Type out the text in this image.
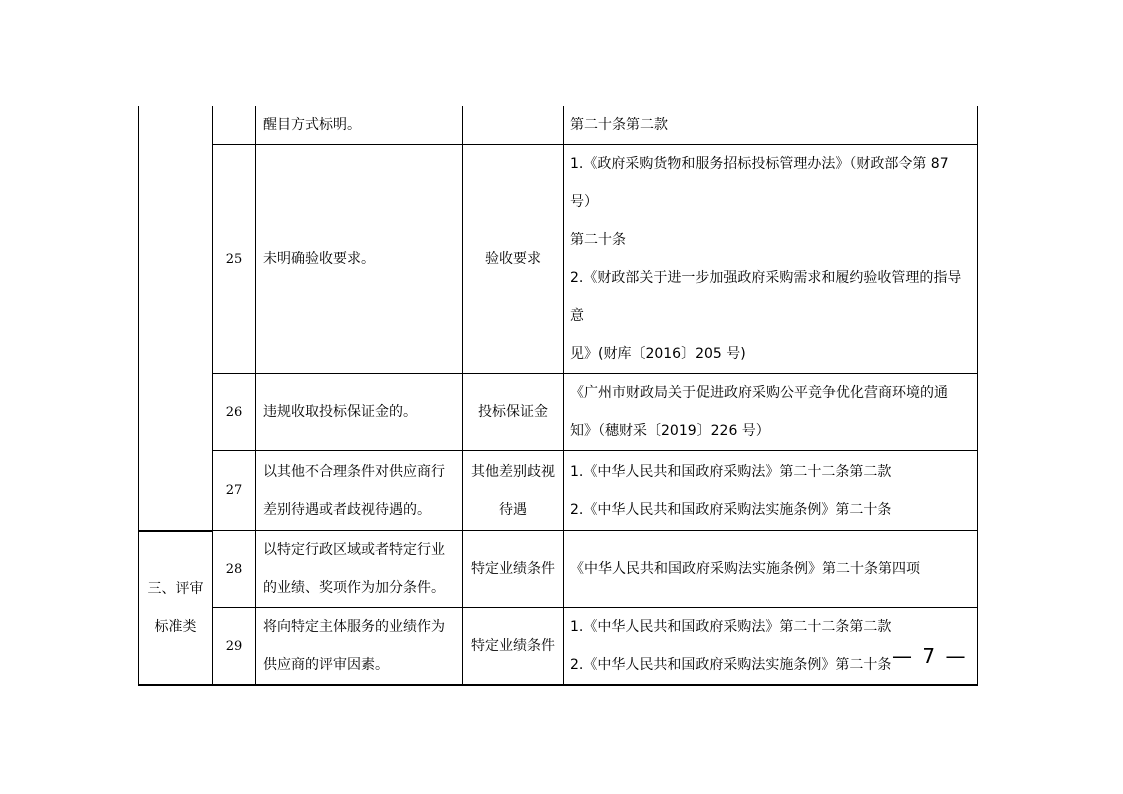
		醒目方式标明。		第二十条第二款

	25	未明确验收要求。	验收要求	1.《政府采购货物和服务招标投标管理办法》（财政部令第 87 号）
第二十条
2.《财政部关于进一步加强政府采购需求和履约验收管理的指导意
见》(财库〔2016〕205 号)

	26	违规收取投标保证金的。	投标保证金	《广州市财政局关于促进政府采购公平竞争优化营商环境的通
知》（穗财采〔2019〕226 号）

	27	以其他不合理条件对供应商行
差别待遇或者歧视待遇的。	其他差别歧视
待遇	1.《中华人民共和国政府采购法》第二十二条第二款
2.《中华人民共和国政府采购法实施条例》第二十条

三、评审
标准类	28	以特定行政区域或者特定行业
的业绩、奖项作为加分条件。	特定业绩条件	《中华人民共和国政府采购法实施条例》第二十条第四项

	29	将向特定主体服务的业绩作为
供应商的评审因素。	特定业绩条件	1.《中华人民共和国政府采购法》第二十二条第二款
2.《中华人民共和国政府采购法实施条例》第二十条 — 7 —
